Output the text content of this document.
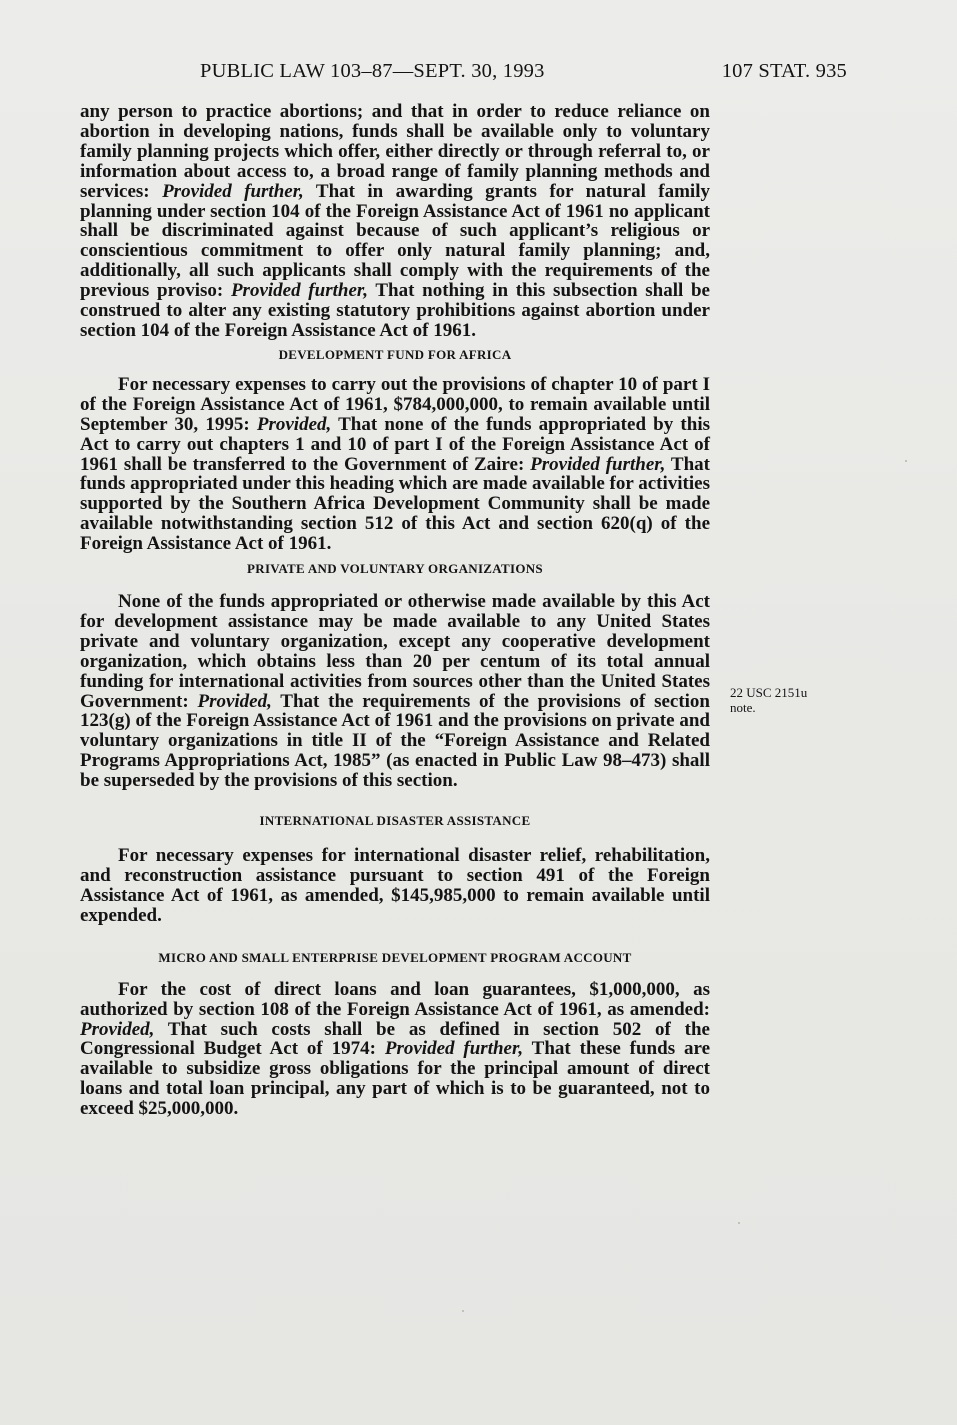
PUBLIC LAW 103–87—SEPT. 30, 1993	107 STAT. 935

any person to practice abortions; and that in order to reduce reliance on abortion in developing nations, funds shall be available only to voluntary family planning projects which offer, either directly or through referral to, or information about access to, a broad range of family planning methods and services: Provided further, That in awarding grants for natural family planning under section 104 of the Foreign Assistance Act of 1961 no applicant shall be discriminated against because of such applicant’s religious or conscientious commitment to offer only natural family planning; and, additionally, all such applicants shall comply with the requirements of the previous proviso: Provided further, That nothing in this subsection shall be construed to alter any existing statutory prohibitions against abortion under section 104 of the Foreign Assistance Act of 1961.

DEVELOPMENT FUND FOR AFRICA

For necessary expenses to carry out the provisions of chapter 10 of part I of the Foreign Assistance Act of 1961, $784,000,000, to remain available until September 30, 1995: Provided, That none of the funds appropriated by this Act to carry out chapters 1 and 10 of part I of the Foreign Assistance Act of 1961 shall be transferred to the Government of Zaire: Provided further, That funds appropriated under this heading which are made available for activities supported by the Southern Africa Development Community shall be made available notwithstanding section 512 of this Act and section 620(q) of the Foreign Assistance Act of 1961.

PRIVATE AND VOLUNTARY ORGANIZATIONS

None of the funds appropriated or otherwise made available by this Act for development assistance may be made available to any United States private and voluntary organization, except any cooperative development organization, which obtains less than 20 per centum of its total annual funding for international activities from sources other than the United States Government: Provided, That the requirements of the provisions of section 123(g) of the Foreign Assistance Act of 1961 and the provisions on private and voluntary organizations in title II of the “Foreign Assistance and Related Programs Appropriations Act, 1985” (as enacted in Public Law 98–473) shall be superseded by the provisions of this section.

INTERNATIONAL DISASTER ASSISTANCE

For necessary expenses for international disaster relief, rehabilitation, and reconstruction assistance pursuant to section 491 of the Foreign Assistance Act of 1961, as amended, $145,985,000 to remain available until expended.

MICRO AND SMALL ENTERPRISE DEVELOPMENT PROGRAM ACCOUNT

For the cost of direct loans and loan guarantees, $1,000,000, as authorized by section 108 of the Foreign Assistance Act of 1961, as amended: Provided, That such costs shall be as defined in section 502 of the Congressional Budget Act of 1974: Provided further, That these funds are available to subsidize gross obligations for the principal amount of direct loans and total loan principal, any part of which is to be guaranteed, not to exceed $25,000,000.

22 USC 2151u
note.
